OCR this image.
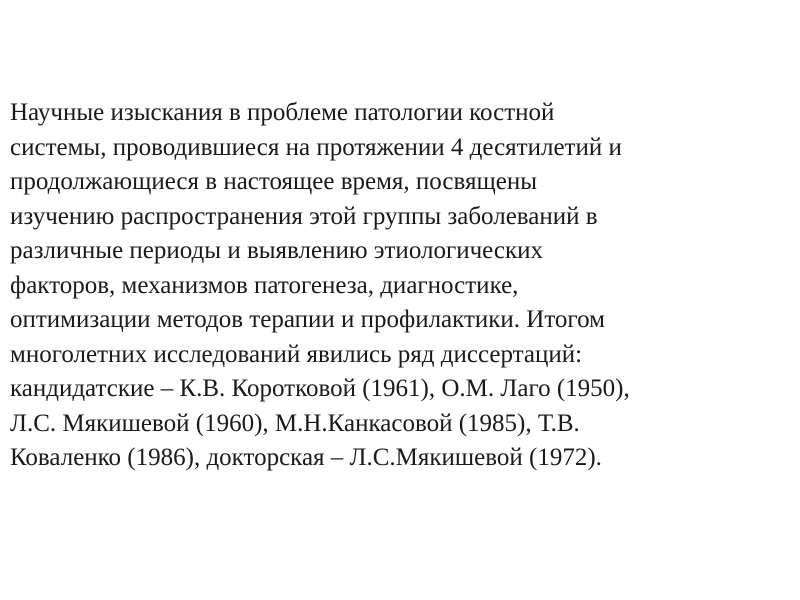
Научные изыскания в проблеме патологии костной
системы, проводившиеся на протяжении 4 десятилетий и
продолжающиеся в настоящее время, посвящены
изучению распространения этой группы заболеваний в
различные периоды и выявлению этиологических
факторов, механизмов патогенеза, диагностике,
оптимизации методов терапии и профилактики. Итогом
многолетних исследований явились ряд диссертаций:
кандидатские – К.В. Коротковой (1961), О.М. Лаго (1950),
Л.С. Мякишевой (1960), М.Н.Канкасовой (1985), Т.В.
Коваленко (1986), докторская – Л.С.Мякишевой (1972).
